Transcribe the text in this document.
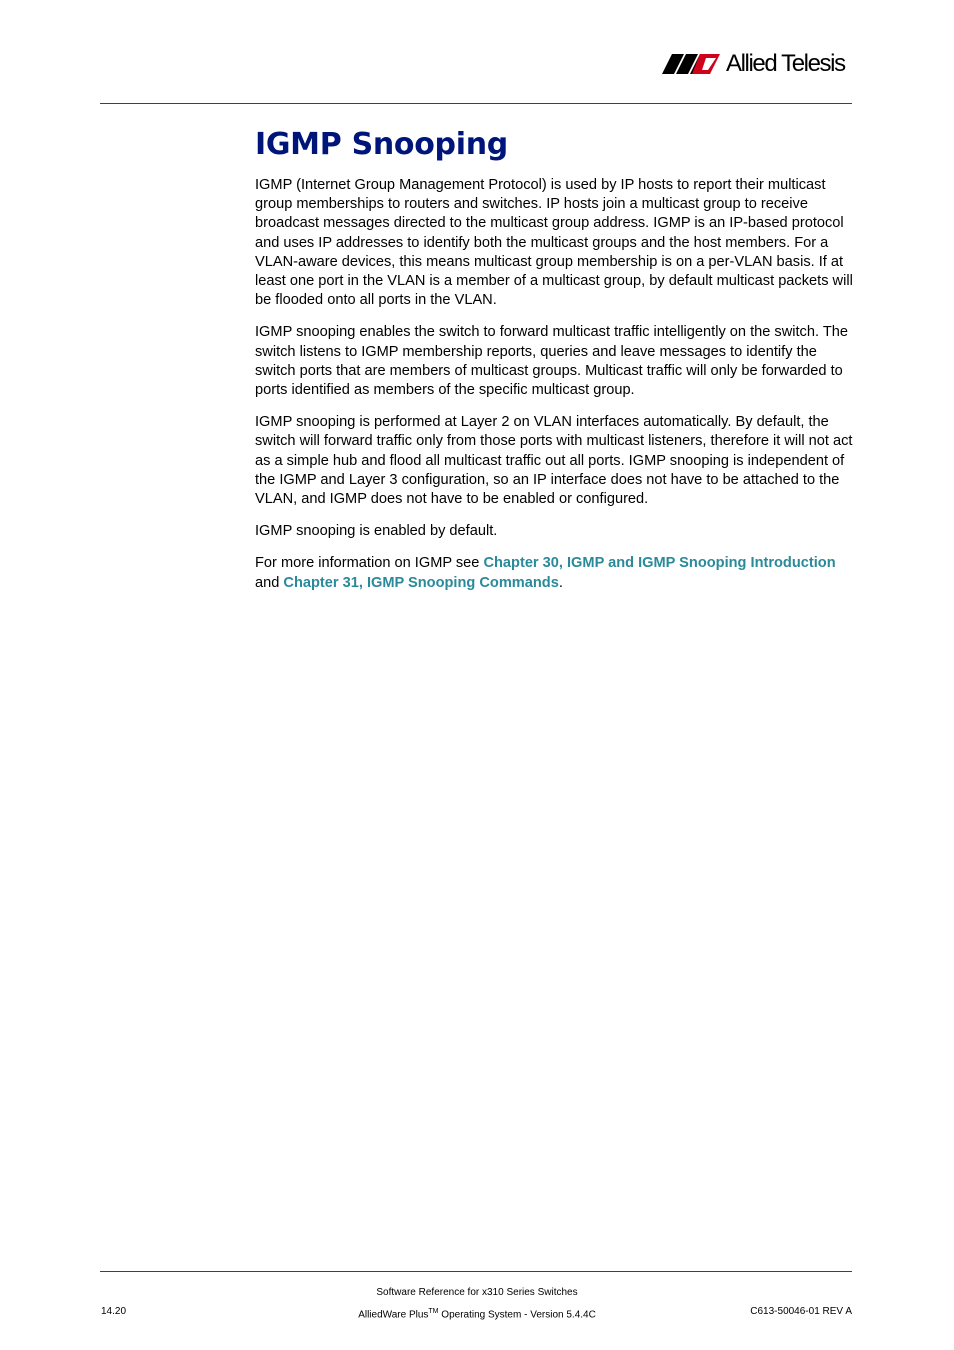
Allied Telesis
IGMP Snooping

IGMP (Internet Group Management Protocol) is used by IP hosts to report their multicast group memberships to routers and switches. IP hosts join a multicast group to receive broadcast messages directed to the multicast group address. IGMP is an IP-based protocol and uses IP addresses to identify both the multicast groups and the host members. For a VLAN-aware devices, this means multicast group membership is on a per-VLAN basis. If at least one port in the VLAN is a member of a multicast group, by default multicast packets will be flooded onto all ports in the VLAN.

IGMP snooping enables the switch to forward multicast traffic intelligently on the switch. The switch listens to IGMP membership reports, queries and leave messages to identify the switch ports that are members of multicast groups. Multicast traffic will only be forwarded to ports identified as members of the specific multicast group.

IGMP snooping is performed at Layer 2 on VLAN interfaces automatically. By default, the switch will forward traffic only from those ports with multicast listeners, therefore it will not act as a simple hub and flood all multicast traffic out all ports. IGMP snooping is independent of the IGMP and Layer 3 configuration, so an IP interface does not have to be attached to the VLAN, and IGMP does not have to be enabled or configured.

IGMP snooping is enabled by default.

For more information on IGMP see Chapter 30, IGMP and IGMP Snooping Introduction and Chapter 31, IGMP Snooping Commands.

Software Reference for x310 Series Switches
AlliedWare Plus™ Operating System - Version 5.4.4C
14.20	C613-50046-01 REV A
